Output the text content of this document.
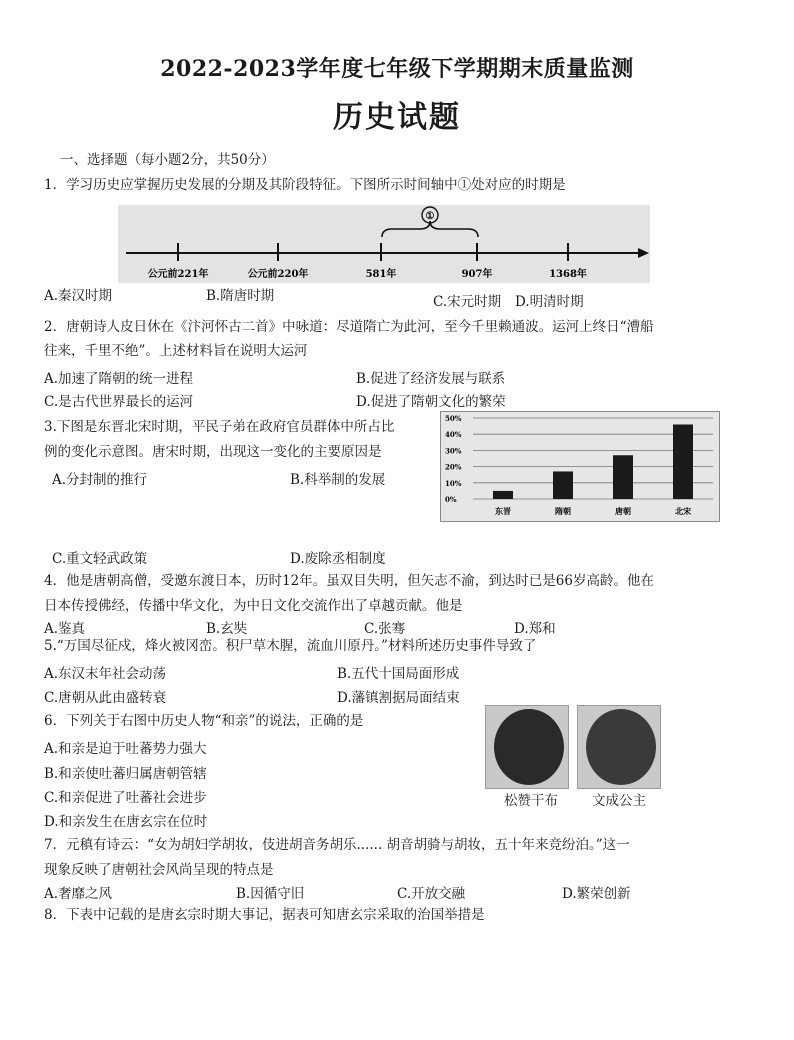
2022-2023学年度七年级下学期期末质量监测
历史试题
一、选择题（每小题2分，共50分）
1．学习历史应掌握历史发展的分期及其阶段特征。下图所示时间轴中①处对应的时期是
①
公元前221年	公元前220年	581年	907年	1368年
A.秦汉时期	B.隋唐时期	C.宋元时期 D.明清时期
2．唐朝诗人皮日休在《汴河怀古二首》中咏道：尽道隋亡为此河，至今千里赖通波。运河上终日“漕船
往来，千里不绝”。上述材料旨在说明大运河
A.加速了隋朝的统一进程	B.促进了经济发展与联系
C.是古代世界最长的运河	D.促进了隋朝文化的繁荣
3.下图是东晋北宋时期，平民子弟在政府官员群体中所占比
例的变化示意图。唐宋时期，出现这一变化的主要原因是
A.分封制的推行	B.科举制的发展
C.重文轻武政策	D.废除丞相制度
50%
40%
30%
20%
10%
0%
东晋	隋朝	唐朝	北宋
4．他是唐朝高僧，受邀东渡日本，历时12年。虽双目失明，但矢志不渝，到达时已是66岁高龄。他在
日本传授佛经，传播中华文化，为中日文化交流作出了卓越贡献。他是
A.鉴真	B.玄奘	C.张骞	D.郑和
5.“万国尽征戍，烽火被冈峦。积尸草木腥，流血川原丹。”材料所述历史事件导致了
A.东汉末年社会动荡	B.五代十国局面形成
C.唐朝从此由盛转衰	D.藩镇割据局面结束
6．下列关于右图中历史人物“和亲”的说法，正确的是
A.和亲是迫于吐蕃势力强大
B.和亲使吐蕃归属唐朝管辖
C.和亲促进了吐蕃社会进步
D.和亲发生在唐玄宗在位时
松赞干布	文成公主
7．元稹有诗云：“女为胡妇学胡妆，伎进胡音务胡乐...... 胡音胡骑与胡妆，五十年来竞纷泊。”这一
现象反映了唐朝社会风尚呈现的特点是
A.奢靡之风	B.因循守旧	C.开放交融	D.繁荣创新
8．下表中记载的是唐玄宗时期大事记，据表可知唐玄宗采取的治国举措是
